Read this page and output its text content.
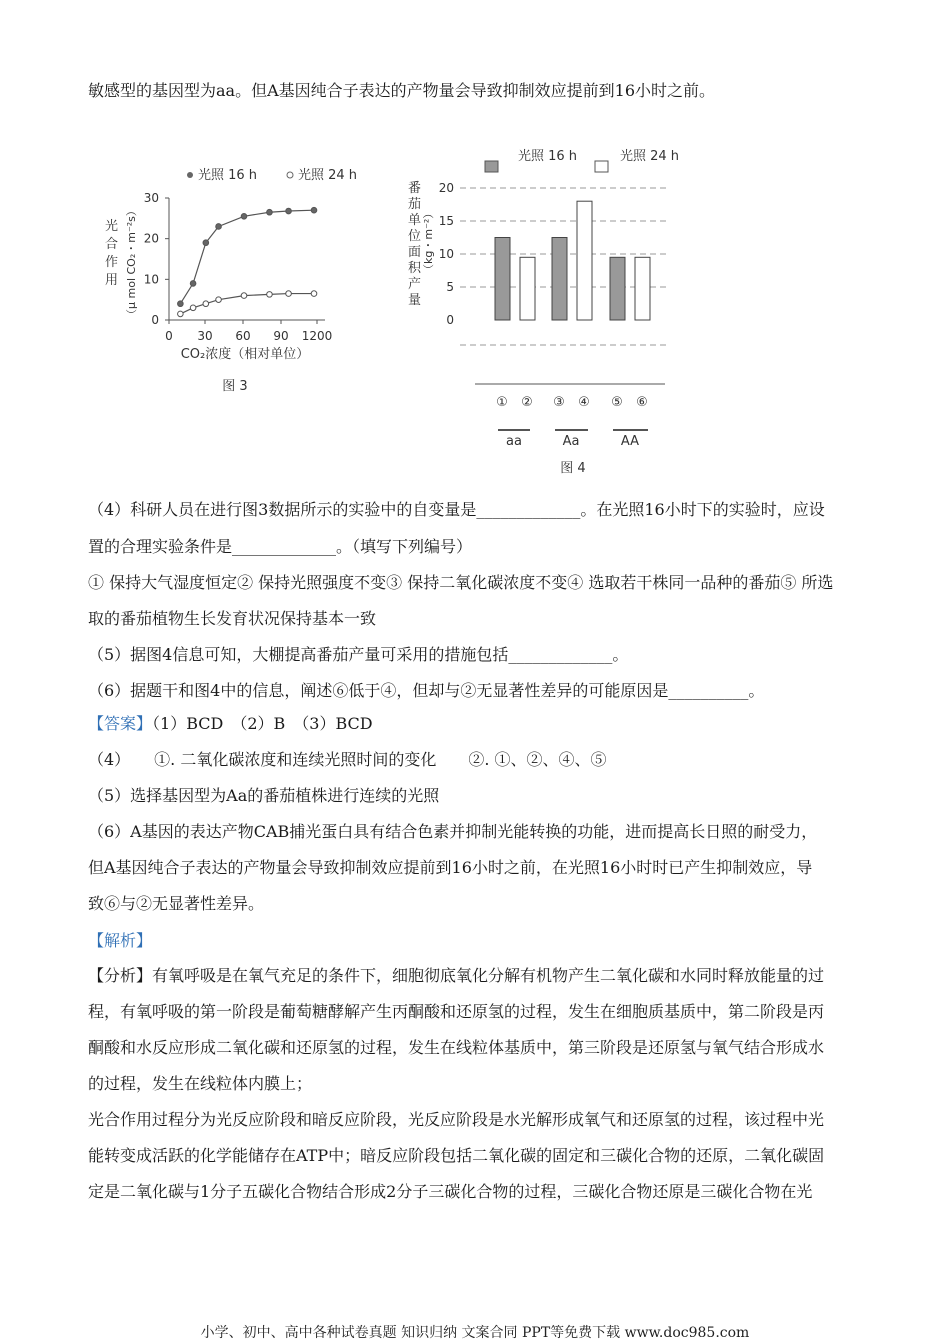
敏感型的基因型为aa。但A基因纯合子表达的产物量会导致抑制效应提前到16小时之前。
0
10
20
30
0 30 60 90 1200
光照 16 h	光照 24 h
光
合
作
用 （μ mol CO₂・m⁻²s）
CO₂浓度（相对单位）
图 3
光照 16 h	光照 24 h
番
茄
单
位
面
积
产
量
（kg・m⁻²）
0
5
10
15
20
① ② ③ ④ ⑤ ⑥
aa	Aa	AA
图 4
（4）科研人员在进行图3数据所示的实验中的自变量是_____________。在光照16小时下的实验时，应设
置的合理实验条件是_____________。（填写下列编号）
① 保持大气湿度恒定② 保持光照强度不变③ 保持二氧化碳浓度不变④ 选取若干株同一品种的番茄⑤ 所选
取的番茄植物生长发育状况保持基本一致
（5）据图4信息可知，大棚提高番茄产量可采用的措施包括_____________。
（6）据题干和图4中的信息，阐述⑥低于④，但却与②无显著性差异的可能原因是__________。
【答案】（1）BCD　（2）B　（3）BCD
（4）　　①. 二氧化碳浓度和连续光照时间的变化　　②. ①、②、④、⑤
（5）选择基因型为Aa的番茄植株进行连续的光照
（6）A基因的表达产物CAB捕光蛋白具有结合色素并抑制光能转换的功能，进而提高长日照的耐受力，
但A基因纯合子表达的产物量会导致抑制效应提前到16小时之前，在光照16小时时已产生抑制效应，导
致⑥与②无显著性差异。
【解析】
【分析】有氧呼吸是在氧气充足的条件下，细胞彻底氧化分解有机物产生二氧化碳和水同时释放能量的过
程，有氧呼吸的第一阶段是葡萄糖酵解产生丙酮酸和还原氢的过程，发生在细胞质基质中，第二阶段是丙
酮酸和水反应形成二氧化碳和还原氢的过程，发生在线粒体基质中，第三阶段是还原氢与氧气结合形成水
的过程，发生在线粒体内膜上；
光合作用过程分为光反应阶段和暗反应阶段，光反应阶段是水光解形成氧气和还原氢的过程，该过程中光
能转变成活跃的化学能储存在ATP中；暗反应阶段包括二氧化碳的固定和三碳化合物的还原，二氧化碳固
定是二氧化碳与1分子五碳化合物结合形成2分子三碳化合物的过程，三碳化合物还原是三碳化合物在光
小学、初中、高中各种试卷真题 知识归纳 文案合同 PPT等免费下载 www.doc985.com
